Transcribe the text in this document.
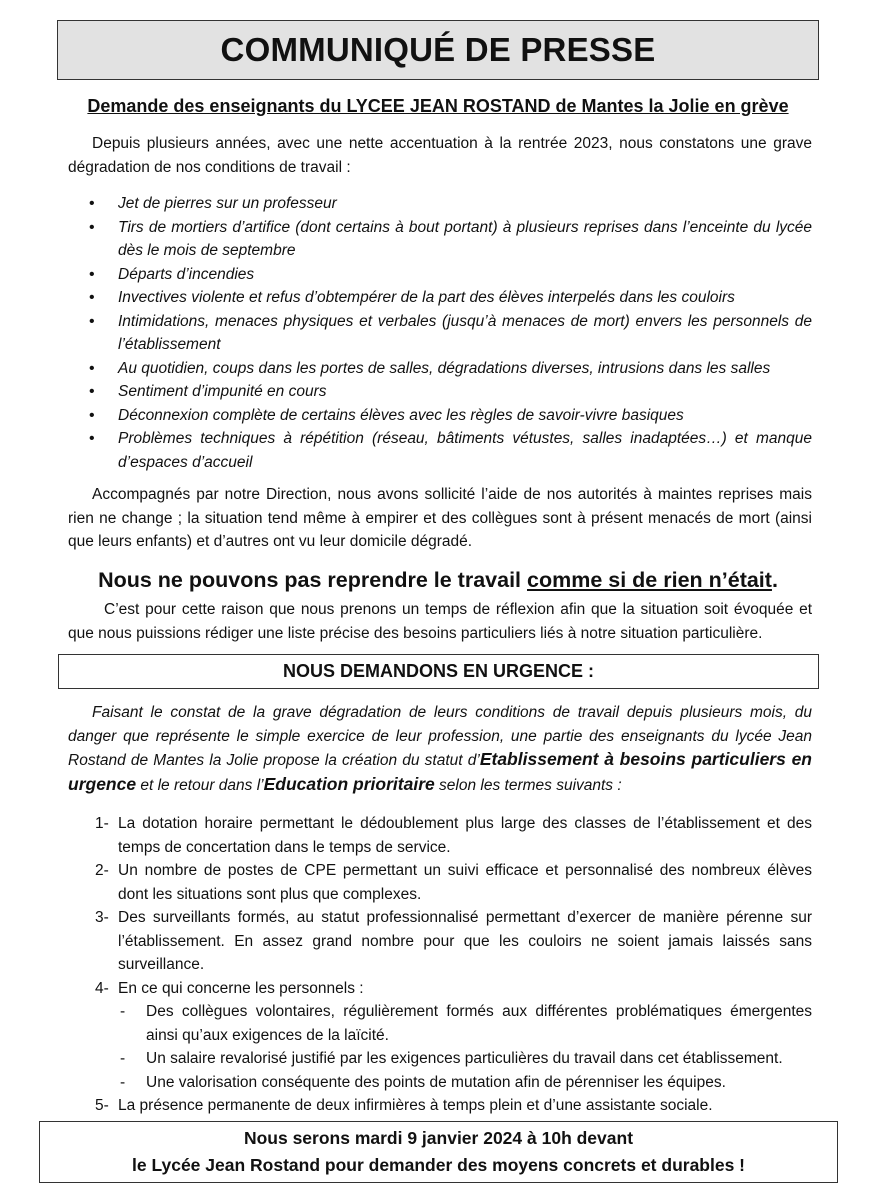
COMMUNIQUÉ DE PRESSE
Demande des enseignants du LYCEE JEAN ROSTAND de Mantes la Jolie en grève
Depuis plusieurs années, avec une nette accentuation à la rentrée 2023, nous constatons une grave dégradation de nos conditions de travail :
• Jet de pierres sur un professeur
• Tirs de mortiers d’artifice (dont certains à bout portant) à plusieurs reprises dans l’enceinte du lycée dès le mois de septembre
• Départs d’incendies
• Invectives violente et refus d’obtempérer de la part des élèves interpelés dans les couloirs
• Intimidations, menaces physiques et verbales (jusqu’à menaces de mort) envers les personnels de l’établissement
• Au quotidien, coups dans les portes de salles, dégradations diverses, intrusions dans les salles
• Sentiment d’impunité en cours
• Déconnexion complète de certains élèves avec les règles de savoir-vivre basiques
• Problèmes techniques à répétition (réseau, bâtiments vétustes, salles inadaptées…) et manque d’espaces d’accueil
Accompagnés par notre Direction, nous avons sollicité l’aide de nos autorités à maintes reprises mais rien ne change ; la situation tend même à empirer et des collègues sont à présent menacés de mort (ainsi que leurs enfants) et d’autres ont vu leur domicile dégradé.
Nous ne pouvons pas reprendre le travail comme si de rien n’était.
C’est pour cette raison que nous prenons un temps de réflexion afin que la situation soit évoquée et que nous puissions rédiger une liste précise des besoins particuliers liés à notre situation particulière.
NOUS DEMANDONS EN URGENCE :
Faisant le constat de la grave dégradation de leurs conditions de travail depuis plusieurs mois, du danger que représente le simple exercice de leur profession, une partie des enseignants du lycée Jean Rostand de Mantes la Jolie propose la création du statut d’Etablissement à besoins particuliers en urgence et le retour dans l’Education prioritaire selon les termes suivants :
1- La dotation horaire permettant le dédoublement plus large des classes de l’établissement et des temps de concertation dans le temps de service.
2- Un nombre de postes de CPE permettant un suivi efficace et personnalisé des nombreux élèves dont les situations sont plus que complexes.
3- Des surveillants formés, au statut professionnalisé permettant d’exercer de manière pérenne sur l’établissement. En assez grand nombre pour que les couloirs ne soient jamais laissés sans surveillance.
4- En ce qui concerne les personnels :
- Des collègues volontaires, régulièrement formés aux différentes problématiques émergentes ainsi qu’aux exigences de la laïcité.
- Un salaire revalorisé justifié par les exigences particulières du travail dans cet établissement.
- Une valorisation conséquente des points de mutation afin de pérenniser les équipes.
5- La présence permanente de deux infirmières à temps plein et d’une assistante sociale.
Nous serons mardi 9 janvier 2024 à 10h devant
le Lycée Jean Rostand pour demander des moyens concrets et durables !
